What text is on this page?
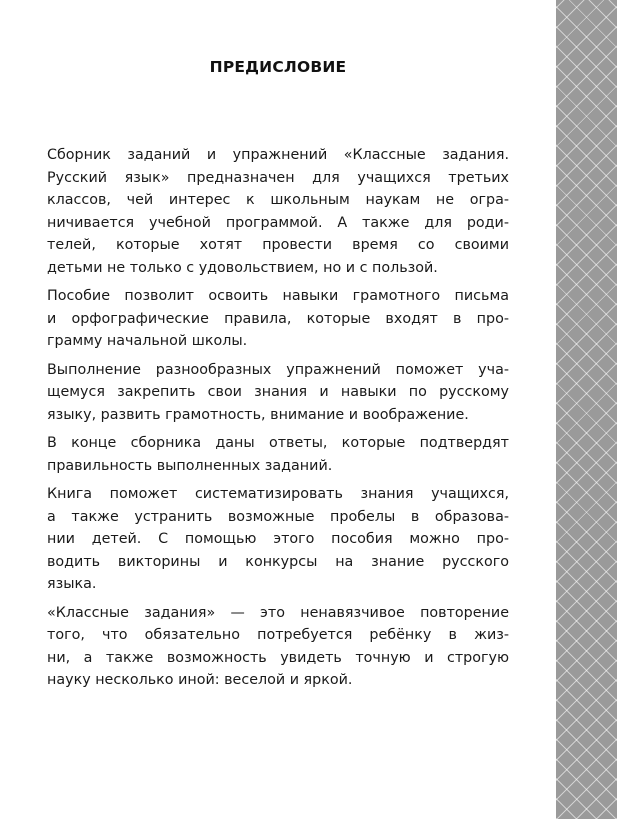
ПРЕДИСЛОВИЕ
Сборник заданий и упражнений «Классные задания.
Русский язык» предназначен для учащихся третьих
классов, чей интерес к школьным наукам не огра-
ничивается учебной программой. А также для роди-
телей, которые хотят провести время со своими
детьми не только с удовольствием, но и с пользой.
Пособие позволит освоить навыки грамотного письма
и орфографические правила, которые входят в про-
грамму начальной школы.
Выполнение разнообразных упражнений поможет уча-
щемуся закрепить свои знания и навыки по русскому
языку, развить грамотность, внимание и воображение.
В конце сборника даны ответы, которые подтвердят
правильность выполненных заданий.
Книга поможет систематизировать знания учащихся,
а также устранить возможные пробелы в образова-
нии детей. С помощью этого пособия можно про-
водить викторины и конкурсы на знание русского
языка.
«Классные задания» — это ненавязчивое повторение
того, что обязательно потребуется ребёнку в жиз-
ни, а также возможность увидеть точную и строгую
науку несколько иной: веселой и яркой.
